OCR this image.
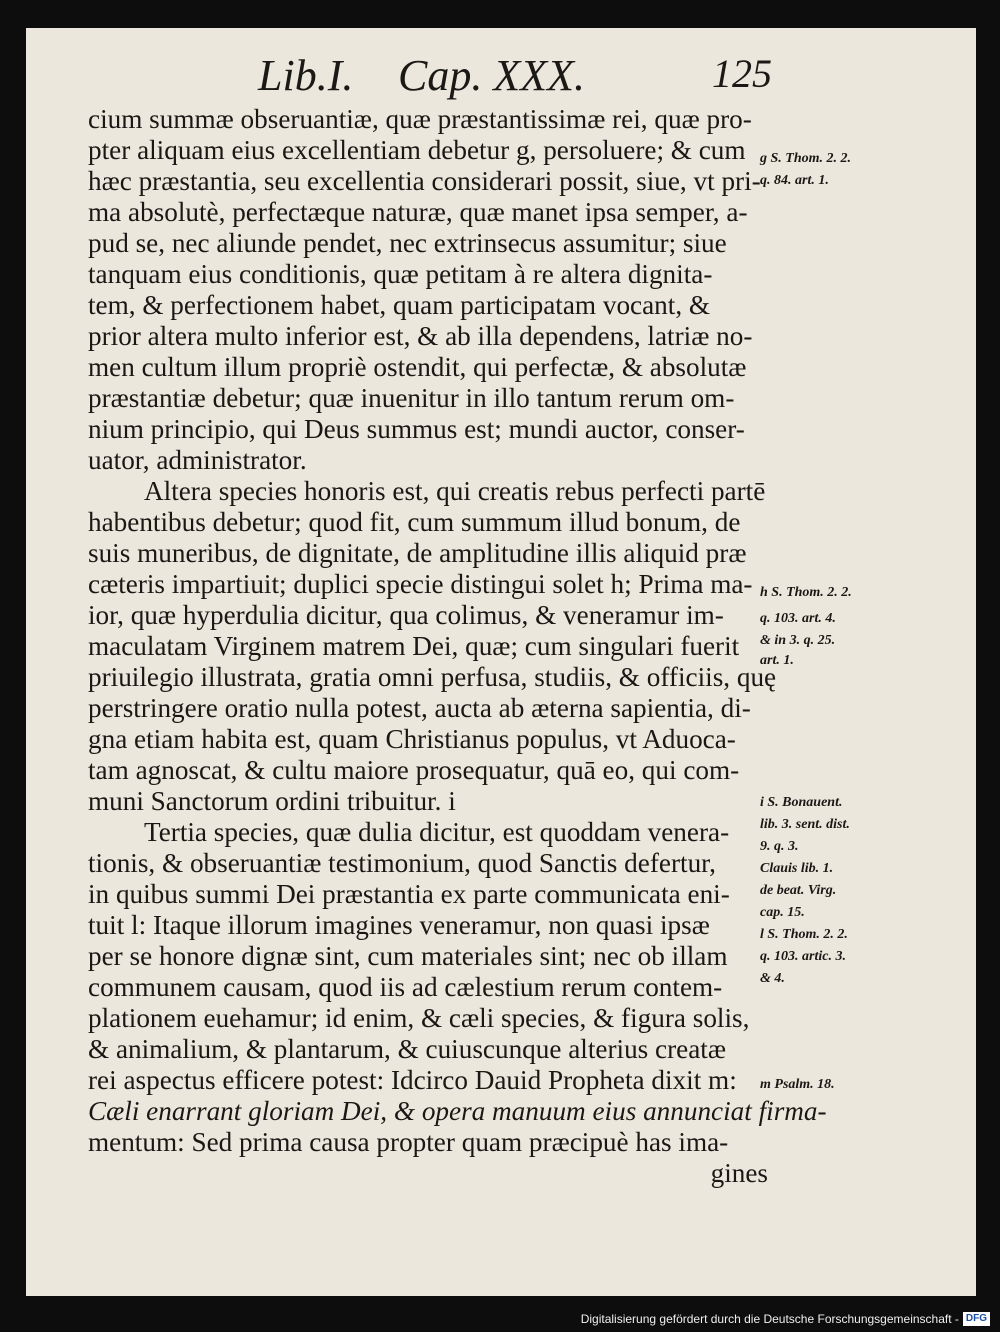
Lib.I. Cap. XXX.	125
cium summæ obseruantiæ, quæ præstantissimæ rei, quæ pro-
pter aliquam eius excellentiam debetur g, persoluere; & cum
hæc præstantia, seu excellentia considerari possit, siue, vt pri-
ma absolutè, perfectæque naturæ, quæ manet ipsa semper, a-
pud se, nec aliunde pendet, nec extrinsecus assumitur; siue
tanquam eius conditionis, quæ petitam à re altera dignita-
tem, & perfectionem habet, quam participatam vocant, &
prior altera multo inferior est, & ab illa dependens, latriæ no-
men cultum illum propriè ostendit, qui perfectæ, & absolutæ
præstantiæ debetur; quæ inuenitur in illo tantum rerum om-
nium principio, qui Deus summus est; mundi auctor, conser-
uator, administrator.
Altera species honoris est, qui creatis rebus perfecti partē
habentibus debetur; quod fit, cum summum illud bonum, de
suis muneribus, de dignitate, de amplitudine illis aliquid præ
cæteris impartiuit; duplici specie distingui solet h; Prima ma-
ior, quæ hyperdulia dicitur, qua colimus, & veneramur im-
maculatam Virginem matrem Dei, quæ; cum singulari fuerit
priuilegio illustrata, gratia omni perfusa, studiis, & officiis, quę
perstringere oratio nulla potest, aucta ab æterna sapientia, di-
gna etiam habita est, quam Christianus populus, vt Aduoca-
tam agnoscat, & cultu maiore prosequatur, quā eo, qui com-
muni Sanctorum ordini tribuitur. i
Tertia species, quæ dulia dicitur, est quoddam venera-
tionis, & obseruantiæ testimonium, quod Sanctis defertur,
in quibus summi Dei præstantia ex parte communicata eni-
tuit l: Itaque illorum imagines veneramur, non quasi ipsæ
per se honore dignæ sint, cum materiales sint; nec ob illam
communem causam, quod iis ad cælestium rerum contem-
plationem euehamur; id enim, & cæli species, & figura solis,
& animalium, & plantarum, & cuiuscunque alterius creatæ
rei aspectus efficere potest: Idcirco Dauid Propheta dixit m:
Cæli enarrant gloriam Dei, & opera manuum eius annunciat firma-
mentum: Sed prima causa propter quam præcipuè has ima-
gines
g S. Thom. 2. 2.
q. 84. art. 1.
h S. Thom. 2. 2.
q. 103. art. 4.
& in 3. q. 25.
art. 1.
i S. Bonauent.
lib. 3. sent. dist.
9. q. 3.
Clauis lib. 1.
de beat. Virg.
cap. 15.
l S. Thom. 2. 2.
q. 103. artic. 3.
& 4.
m Psalm. 18.
Digitalisierung gefördert durch die Deutsche Forschungsgemeinschaft - DFG
